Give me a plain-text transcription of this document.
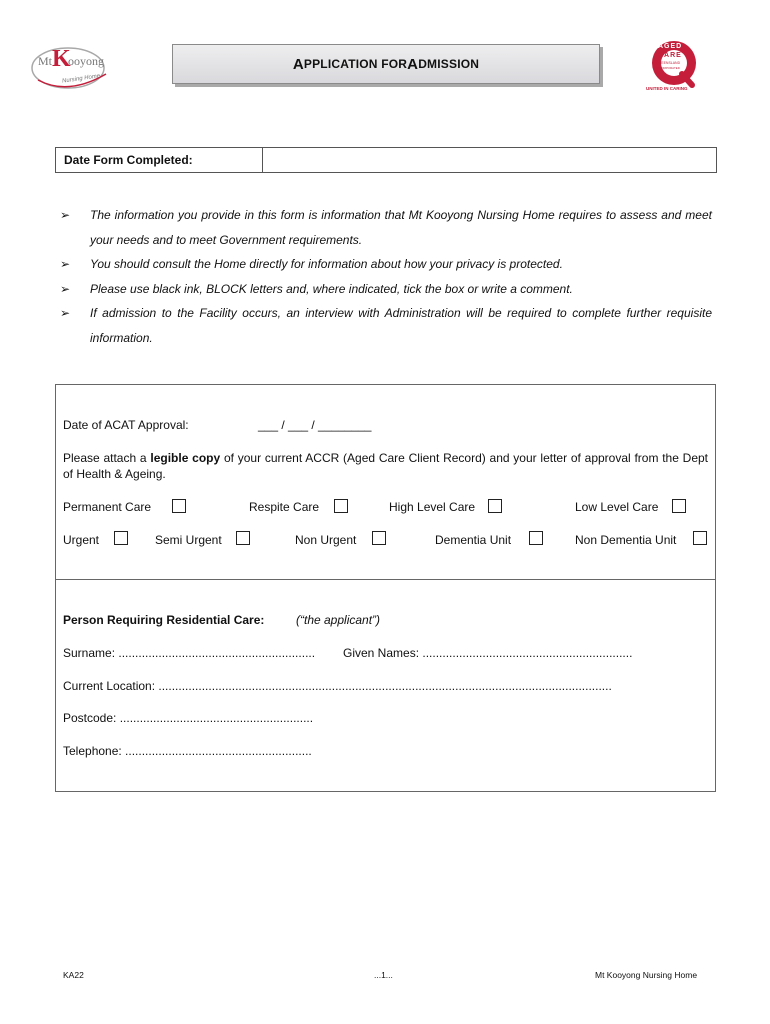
Mt K
ooyong
Nursing Home
A PPLICATION FOR A DMISSION
AGED
CARE
QUEENSLAND
INCORPORATED
UNITED IN CARING
Date Form Completed:
➢ The information you provide in this form is information that Mt Kooyong Nursing Home requires to assess and meet your needs and to meet Government requirements.
➢ You should consult the Home directly for information about how your privacy is protected.
➢ Please use black ink, BLOCK letters and, where indicated, tick the box or write a comment.
➢ If admission to the Facility occurs, an interview with Administration will be required to complete further requisite information.
Date of ACAT Approval:	___ / ___ / ________
Please attach a legible copy of your current ACCR (Aged Care Client Record) and your letter of approval from the Dept of Health & Ageing.
Permanent Care	Respite Care	High Level Care	Low Level Care
Urgent	Semi Urgent	Non Urgent	Dementia Unit	Non Dementia Unit
Person Requiring Residential Care:	(“the applicant”)
Surname: ........................................................... Given Names: ...............................................................
Current Location: ........................................................................................................................................
Postcode: ..........................................................
Telephone: ........................................................
KA22	...1...	Mt Kooyong Nursing Home
